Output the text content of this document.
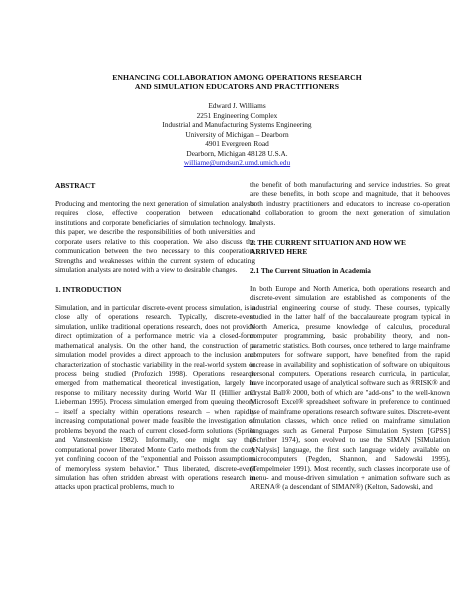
ENHANCING COLLABORATION AMONG OPERATIONS RESEARCH
AND SIMULATION EDUCATORS AND PRACTITIONERS
Edward J. Williams
2251 Engineering Complex
Industrial and Manufacturing Systems Engineering
University of Michigan – Dearborn
4901 Evergreen Road
Dearborn, Michigan 48128 U.S.A.
williame@umdsun2.umd.umich.edu

ABSTRACT

Producing and mentoring the next generation of simulation analysts requires close, effective cooperation between educational institutions and corporate beneficiaries of simulation technology. In this paper, we describe the responsibilities of both universities and corporate users relative to this cooperation. We also discuss the communication between the two necessary to this cooperation. Strengths and weaknesses within the current system of educating simulation analysts are noted with a view to desirable changes.

1. INTRODUCTION

Simulation, and in particular discrete-event process simulation, is a close ally of operations research. Typically, discrete-event simulation, unlike traditional operations research, does not provide direct optimization of a performance metric via a closed-form mathematical analysis. On the other hand, the construction of a simulation model provides a direct approach to the inclusion and characterization of stochastic variability in the real-world system or process being studied (Profozich 1998). Operations research emerged from mathematical theoretical investigation, largely in response to military necessity during World War II (Hillier and Lieberman 1995). Process simulation emerged from queuing theory – itself a specialty within operations research – when rapidly increasing computational power made feasible the investigation of problems beyond the reach of current closed-form solutions (Spriet and Vansteenkiste 1982). Informally, one might say that computational power liberated Monte Carlo methods from the cozy yet confining cocoon of the "exponential and Poisson assumptions of memoryless system behavior." Thus liberated, discrete-event simulation has often stridden abreast with operations research in attacks upon practical problems, much to

the benefit of both manufacturing and service industries. So great are these benefits, in both scope and magnitude, that it behooves both industry practitioners and educators to increase co-operation and collaboration to groom the next generation of simulation analysts.

2. THE CURRENT SITUATION AND HOW WE
ARRIVED HERE

2.1 The Current Situation in Academia

In both Europe and North America, both operations research and discrete-event simulation are established as components of the industrial engineering course of study. These courses, typically studied in the latter half of the baccalaureate program typical in North America, presume knowledge of calculus, procedural computer programming, basic probability theory, and non-parametric statistics. Both courses, once tethered to large mainframe computers for software support, have benefited from the rapid increase in availability and sophistication of software on ubiquitous personal computers. Operations research curricula, in particular, have incorporated usage of analytical software such as ®RISK® and Crystal Ball® 2000, both of which are "add-ons" to the well-known Microsoft Excel® spreadsheet software in preference to continued use of mainframe operations research software suites. Discrete-event simulation classes, which once relied on mainframe simulation languages such as General Purpose Simulation System [GPSS] (Schriber 1974), soon evolved to use the SIMAN [SIMulation ANalysis] language, the first such language widely available on microcomputers (Pegden, Shannon, and Sadowski 1995), (Tempelmeier 1991). Most recently, such classes incorporate use of menu- and mouse-driven simulation + animation software such as ARENA® (a descendant of SIMAN®) (Kelton, Sadowski, and
